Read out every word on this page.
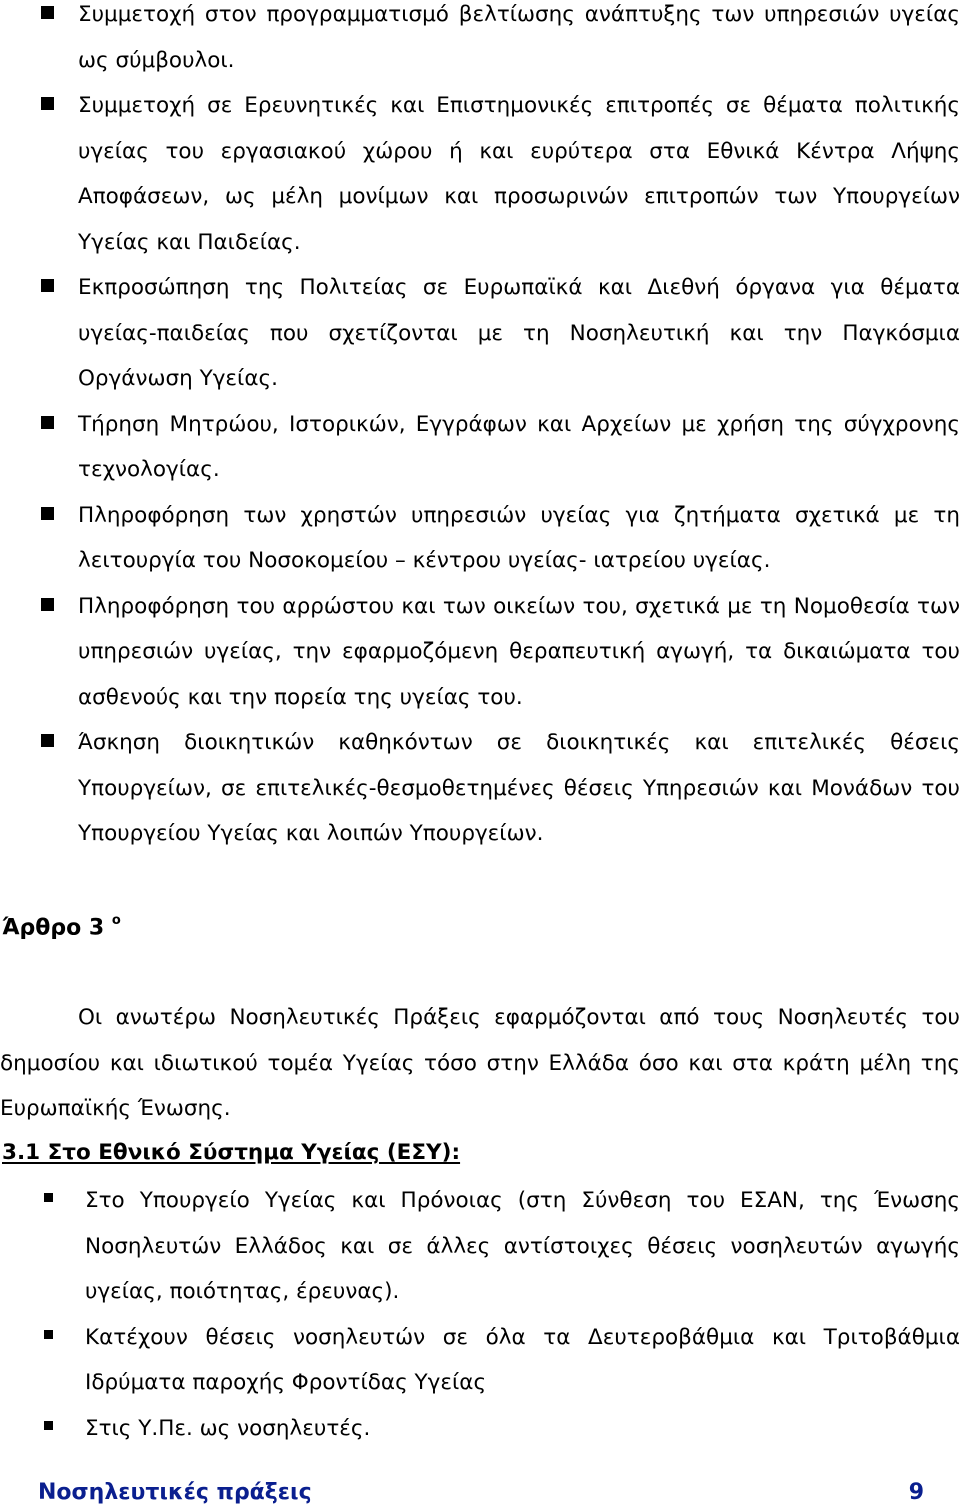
Συμμετοχή στον προγραμματισμό βελτίωσης ανάπτυξης των υπηρεσιών υγείας ως σύμβουλοι.
Συμμετοχή σε Ερευνητικές και Επιστημονικές επιτροπές σε θέματα πολιτικής υγείας του εργασιακού χώρου ή και ευρύτερα στα Εθνικά Κέντρα Λήψης Αποφάσεων, ως μέλη μονίμων και προσωρινών επιτροπών των Υπουργείων Υγείας και Παιδείας.
Εκπροσώπηση της Πολιτείας σε Ευρωπαϊκά και Διεθνή όργανα για θέματα υγείας-παιδείας που σχετίζονται με τη Νοσηλευτική και την Παγκόσμια Οργάνωση Υγείας.
Τήρηση Μητρώου, Ιστορικών, Εγγράφων και Αρχείων με χρήση της σύγχρονης τεχνολογίας.
Πληροφόρηση των χρηστών υπηρεσιών υγείας για ζητήματα σχετικά με τη λειτουργία του Νοσοκομείου – κέντρου υγείας- ιατρείου υγείας.
Πληροφόρηση του αρρώστου και των οικείων του, σχετικά με τη Νομοθεσία των υπηρεσιών υγείας, την εφαρμοζόμενη θεραπευτική αγωγή, τα δικαιώματα του ασθενούς και την πορεία της υγείας του.
Άσκηση διοικητικών καθηκόντων σε διοικητικές και επιτελικές θέσεις Υπουργείων, σε επιτελικές-θεσμοθετημένες θέσεις Υπηρεσιών και Μονάδων του Υπουργείου Υγείας και λοιπών Υπουργείων.
Άρθρο 3 $^o$

Οι ανωτέρω Νοσηλευτικές Πράξεις εφαρμόζονται από τους Νοσηλευτές του δημοσίου και ιδιωτικού τομέα Υγείας τόσο στην Ελλάδα όσο και στα κράτη μέλη της Ευρωπαϊκής Ένωσης.

3.1 Στο Εθνικό Σύστημα Υγείας (ΕΣΥ):
Στο Υπουργείο Υγείας και Πρόνοιας (στη Σύνθεση του ΕΣΑΝ, της Ένωσης Νοσηλευτών Ελλάδος και σε άλλες αντίστοιχες θέσεις νοσηλευτών αγωγής υγείας, ποιότητας, έρευνας).
Κατέχουν θέσεις νοσηλευτών σε όλα τα Δευτεροβάθμια και Τριτοβάθμια Ιδρύματα παροχής Φροντίδας Υγείας
Στις Υ.Πε. ως νοσηλευτές.
Νοσηλευτικές πράξεις	9
